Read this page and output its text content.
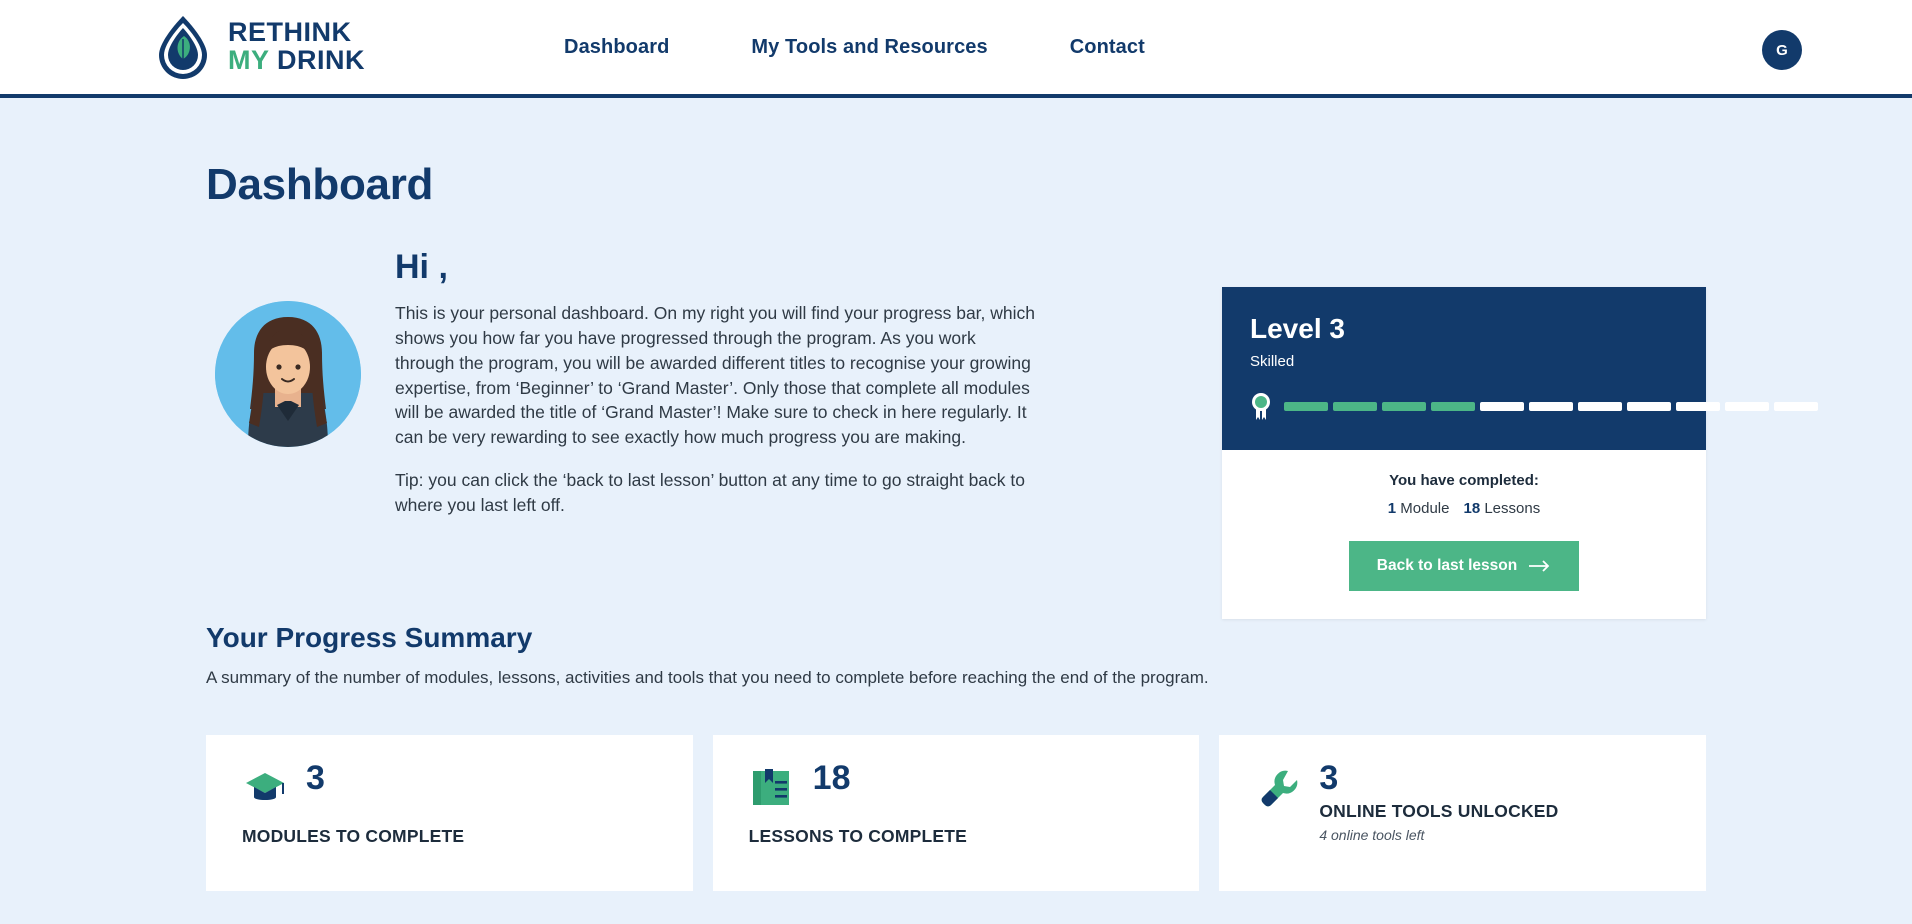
RETHINK
MY DRINK	Dashboard	My Tools and Resources	Contact	G
Dashboard
Hi ,

This is your personal dashboard. On my right you will find your progress bar, which shows you how far you have progressed through the program. As you work through the program, you will be awarded different titles to recognise your growing expertise, from ‘Beginner’ to ‘Grand Master’. Only those that complete all modules will be awarded the title of ‘Grand Master’! Make sure to check in here regularly. It can be very rewarding to see exactly how much progress you are making.

Tip: you can click the ‘back to last lesson’ button at any time to go straight back to where you last left off.

Level 3
Skilled
You have completed:
1 Module 18 Lessons
Back to last lesson
Your Progress Summary

A summary of the number of modules, lessons, activities and tools that you need to complete before reaching the end of the program.

3
MODULES TO COMPLETE
18
LESSONS TO COMPLETE
3
ONLINE TOOLS UNLOCKED
4 online tools left
